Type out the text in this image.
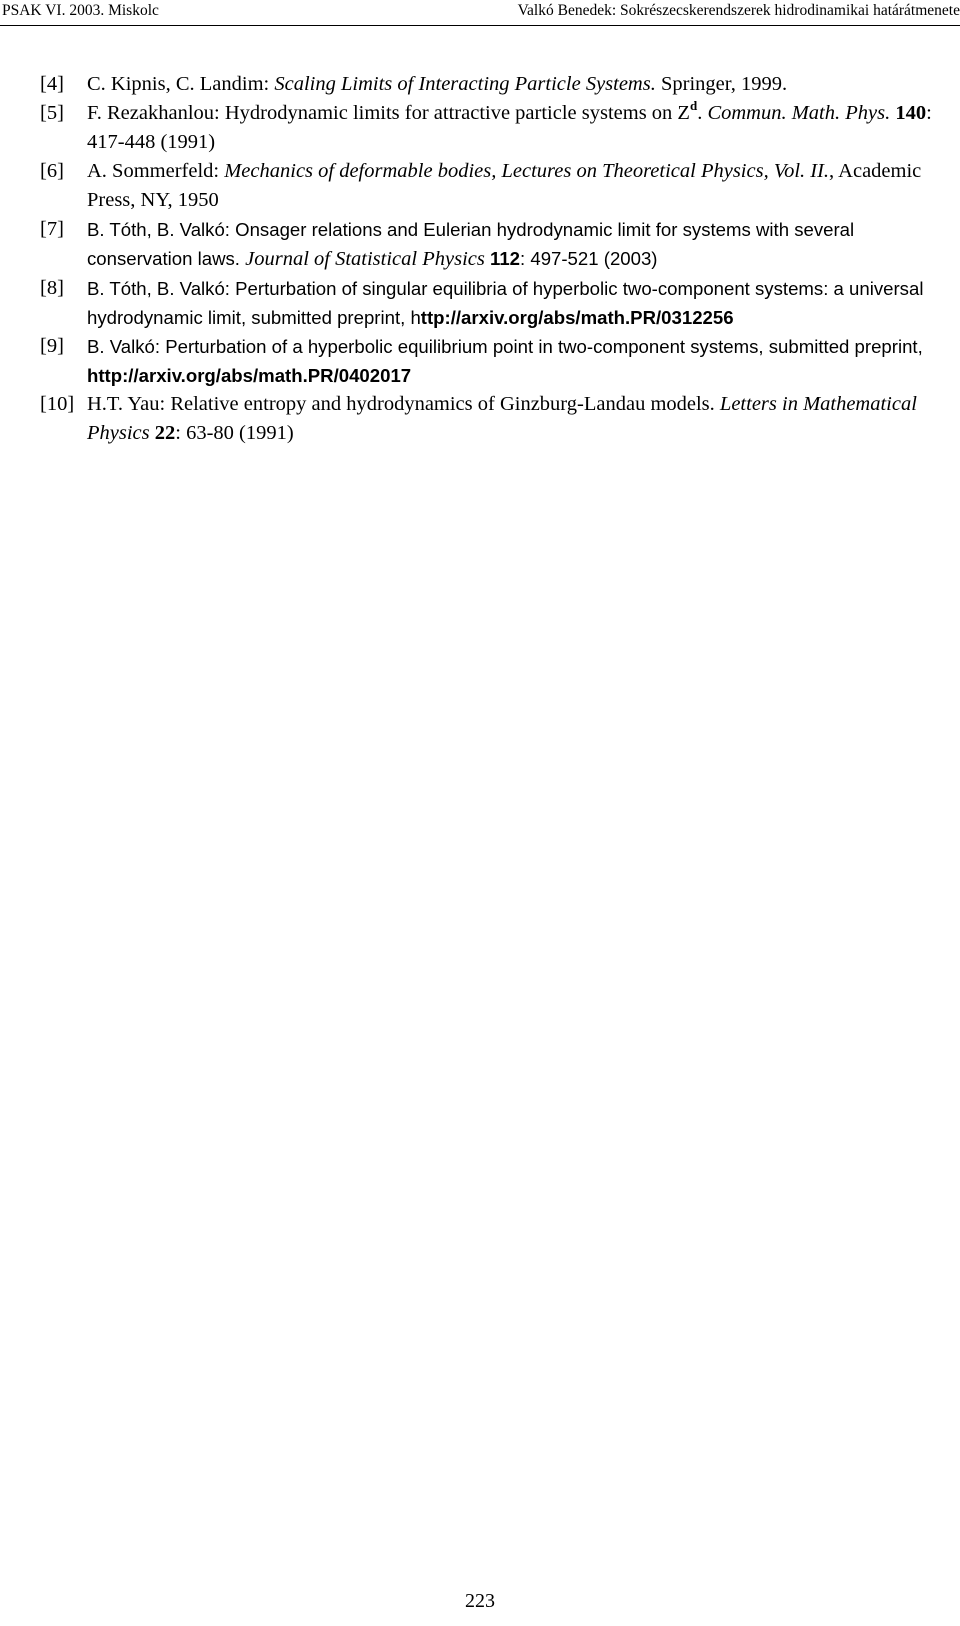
PSAK VI. 2003. Miskolc	Valkó Benedek: Sokrészecskerendszerek hidrodinamikai határátmenete

[4] C. Kipnis, C. Landim: Scaling Limits of Interacting Particle Systems. Springer, 1999.

[5] F. Rezakhanlou: Hydrodynamic limits for attractive particle systems on $Z^d$. Commun. Math. Phys. 140: 417-448 (1991)

[6] A. Sommerfeld: Mechanics of deformable bodies, Lectures on Theoretical Physics, Vol. II., Academic Press, NY, 1950

[7] B. Tóth, B. Valkó: Onsager relations and Eulerian hydrodynamic limit for systems with several conservation laws. Journal of Statistical Physics 112: 497-521 (2003)

[8] B. Tóth, B. Valkó: Perturbation of singular equilibria of hyperbolic two-component systems: a universal hydrodynamic limit, submitted preprint, http://arxiv.org/abs/math.PR/0312256

[9] B. Valkó: Perturbation of a hyperbolic equilibrium point in two-component systems, submitted preprint, http://arxiv.org/abs/math.PR/0402017

[10] H.T. Yau: Relative entropy and hydrodynamics of Ginzburg-Landau models. Letters in Mathematical Physics 22: 63-80 (1991)

223
